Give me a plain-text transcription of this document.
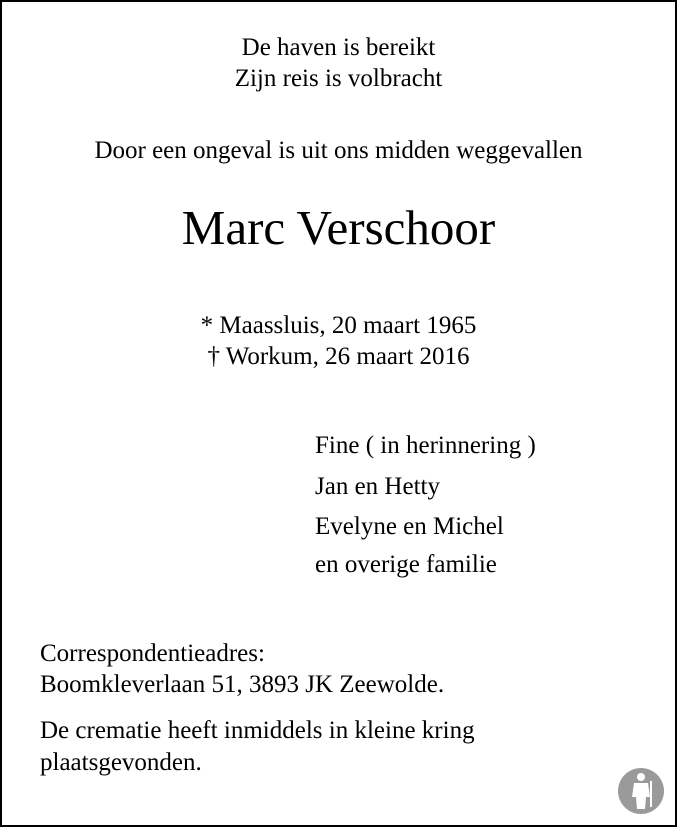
De haven is bereikt
Zijn reis is volbracht
Door een ongeval is uit ons midden weggevallen
Marc Verschoor
* Maassluis, 20 maart 1965
† Workum, 26 maart 2016
Fine ( in herinnering )
Jan en Hetty
Evelyne en Michel
en overige familie
Correspondentieadres:
Boomkleverlaan 51, 3893 JK Zeewolde.
De crematie heeft inmiddels in kleine kring
plaatsgevonden.
